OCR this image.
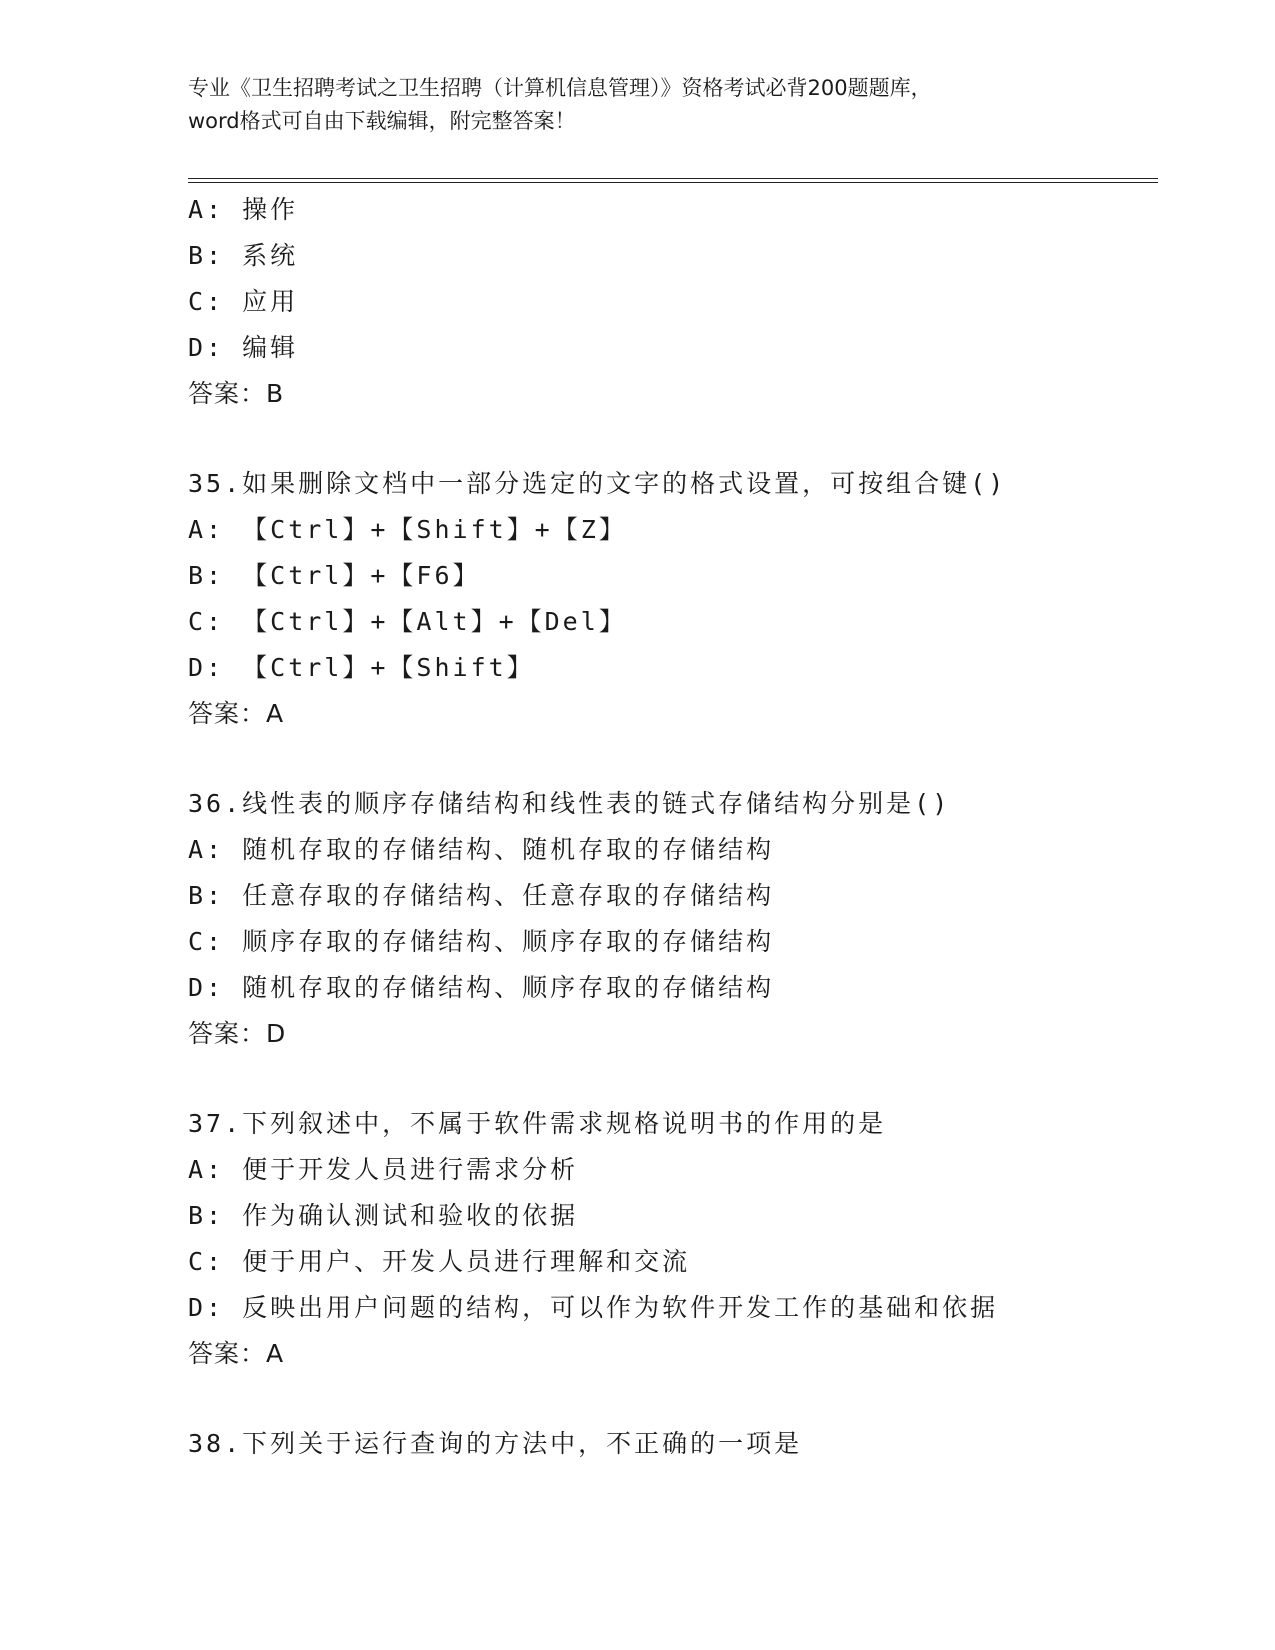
专业《卫生招聘考试之卫生招聘（计算机信息管理）》资格考试必背200题题库，
word格式可自由下载编辑，附完整答案！
A: 操作
B: 系统
C: 应用
D: 编辑
答案：B
35.如果删除文档中一部分选定的文字的格式设置，可按组合键()
A: 【Ctrl】+【Shift】+【Z】
B: 【Ctrl】+【F6】
C: 【Ctrl】+【Alt】+【Del】
D: 【Ctrl】+【Shift】
答案：A
36.线性表的顺序存储结构和线性表的链式存储结构分别是()
A: 随机存取的存储结构、随机存取的存储结构
B: 任意存取的存储结构、任意存取的存储结构
C: 顺序存取的存储结构、顺序存取的存储结构
D: 随机存取的存储结构、顺序存取的存储结构
答案：D
37.下列叙述中，不属于软件需求规格说明书的作用的是
A: 便于开发人员进行需求分析
B: 作为确认测试和验收的依据
C: 便于用户、开发人员进行理解和交流
D: 反映出用户问题的结构，可以作为软件开发工作的基础和依据
答案：A
38.下列关于运行查询的方法中，不正确的一项是
